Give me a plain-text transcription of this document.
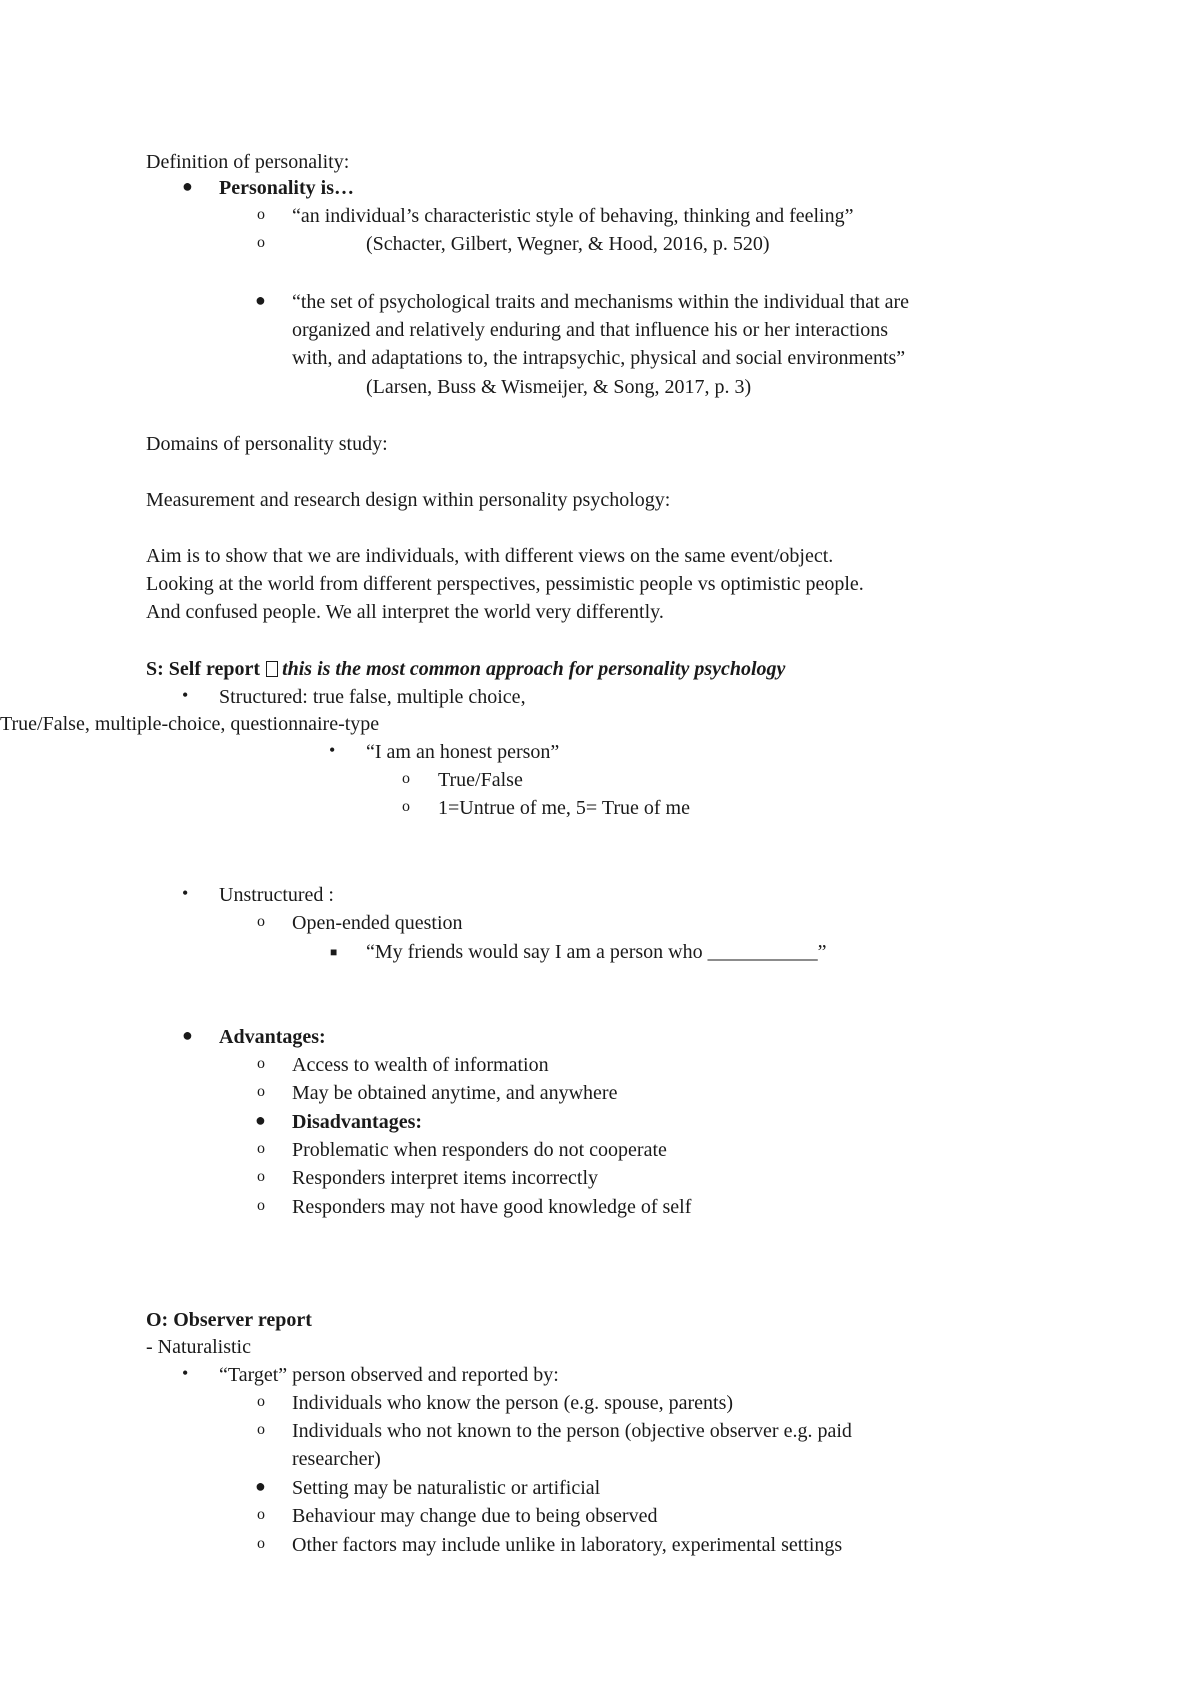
Definition of personality:
● Personality is…
o “an individual’s characteristic style of behaving, thinking and feeling”
o	(Schacter, Gilbert, Wegner, & Hood, 2016, p. 520)
● “the set of psychological traits and mechanisms within the individual that are
organized and relatively enduring and that influence his or her interactions
with, and adaptations to, the intrapsychic, physical and social environments”
(Larsen, Buss & Wismeijer, & Song, 2017, p. 3)
Domains of personality study:
Measurement and research design within personality psychology:
Aim is to show that we are individuals, with different views on the same event/object.
Looking at the world from different perspectives, pessimistic people vs optimistic people.
And confused people. We all interpret the world very differently.
S: Self report this is the most common approach for personality psychology
• Structured: true false, multiple choice,
True/False, multiple-choice, questionnaire-type
• “I am an honest person”
o True/False
o 1=Untrue of me, 5= True of me
• Unstructured :
o Open-ended question
■ “My friends would say I am a person who ___________”
● Advantages:
o Access to wealth of information
o May be obtained anytime, and anywhere
● Disadvantages:
o Problematic when responders do not cooperate
o Responders interpret items incorrectly
o Responders may not have good knowledge of self
O: Observer report
- Naturalistic
• “Target” person observed and reported by:
o Individuals who know the person (e.g. spouse, parents)
o Individuals who not known to the person (objective observer e.g. paid
researcher)
● Setting may be naturalistic or artificial
o Behaviour may change due to being observed
o Other factors may include unlike in laboratory, experimental settings
